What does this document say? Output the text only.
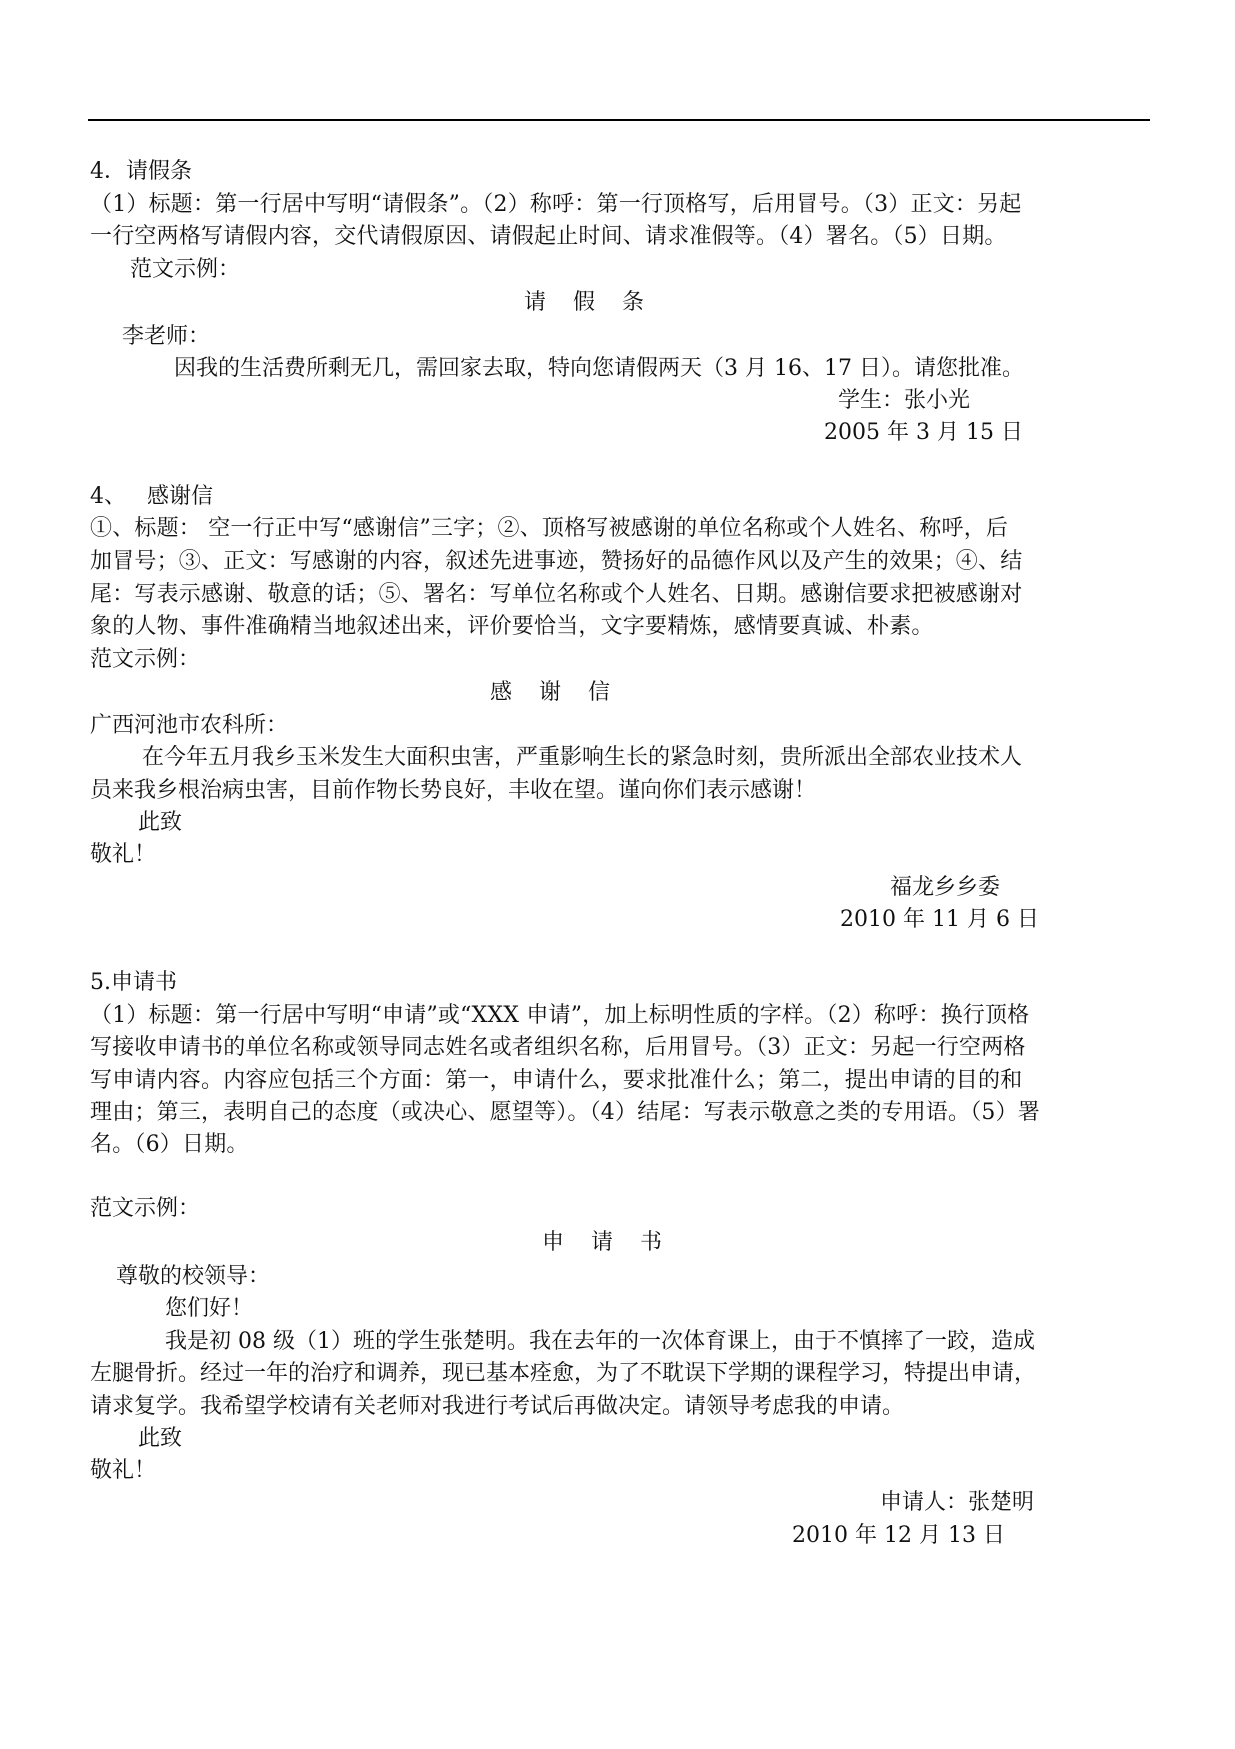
4．请假条

（1）标题：第一行居中写明“请假条”。（2）称呼：第一行顶格写，后用冒号。（3）正文：另起

一行空两格写请假内容，交代请假原因、请假起止时间、请求准假等。（4）署名。（5）日期。

范文示例：

请 假 条

李老师：

因我的生活费所剩无几，需回家去取，特向您请假两天（3 月 16、17 日）。请您批准。

学生：张小光

2005 年 3 月 15 日

4、   感谢信

①、标题： 空一行正中写“感谢信”三字；②、顶格写被感谢的单位名称或个人姓名、称呼，后

加冒号；③、正文：写感谢的内容，叙述先进事迹，赞扬好的品德作风以及产生的效果；④、结

尾：写表示感谢、敬意的话；⑤、署名：写单位名称或个人姓名、日期。感谢信要求把被感谢对

象的人物、事件准确精当地叙述出来，评价要恰当，文字要精炼，感情要真诚、朴素。

范文示例：

感 谢 信

广西河池市农科所：

在今年五月我乡玉米发生大面积虫害，严重影响生长的紧急时刻，贵所派出全部农业技术人

员来我乡根治病虫害，目前作物长势良好，丰收在望。谨向你们表示感谢！

此致

敬礼！

福龙乡乡委

2010 年 11 月 6 日

5.申请书

（1）标题：第一行居中写明“申请”或“XXX 申请”，加上标明性质的字样。（2）称呼：换行顶格

写接收申请书的单位名称或领导同志姓名或者组织名称，后用冒号。（3）正文：另起一行空两格

写申请内容。内容应包括三个方面：第一，申请什么，要求批准什么；第二，提出申请的目的和

理由；第三，表明自己的态度（或决心、愿望等）。（4）结尾：写表示敬意之类的专用语。（5）署

名。（6）日期。

范文示例：

申 请 书

尊敬的校领导：

您们好！

我是初 08 级（1）班的学生张楚明。我在去年的一次体育课上，由于不慎摔了一跤，造成

左腿骨折。经过一年的治疗和调养，现已基本痊愈，为了不耽误下学期的课程学习，特提出申请，

请求复学。我希望学校请有关老师对我进行考试后再做决定。请领导考虑我的申请。

此致

敬礼！

申请人：张楚明

2010 年 12 月 13 日
